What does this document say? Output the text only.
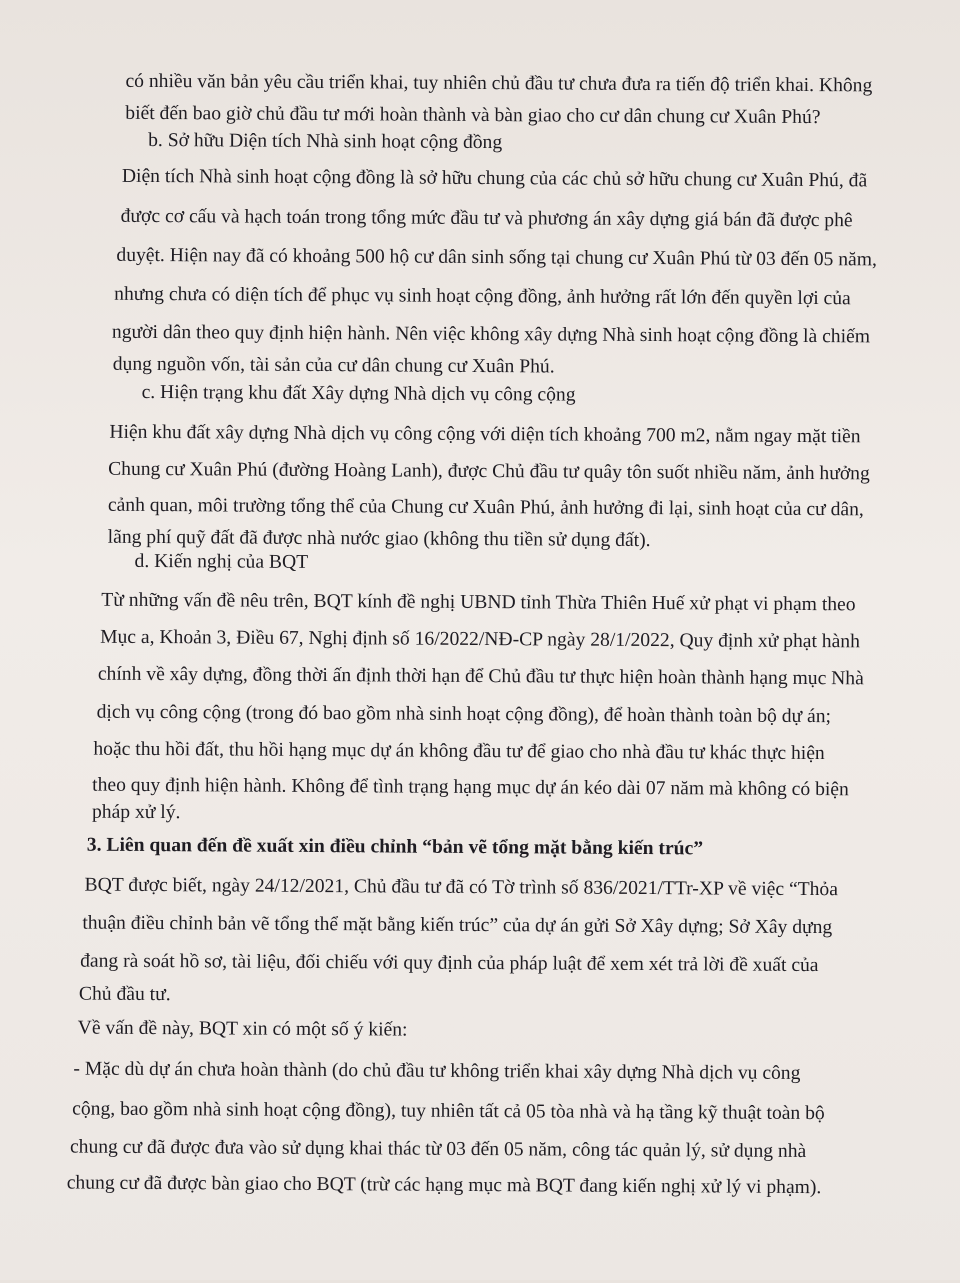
có nhiều văn bản yêu cầu triển khai, tuy nhiên chủ đầu tư chưa đưa ra tiến độ triển khai. Không
biết đến bao giờ chủ đầu tư mới hoàn thành và bàn giao cho cư dân chung cư Xuân Phú?
b. Sở hữu Diện tích Nhà sinh hoạt cộng đồng
Diện tích Nhà sinh hoạt cộng đồng là sở hữu chung của các chủ sở hữu chung cư Xuân Phú, đã
được cơ cấu và hạch toán trong tổng mức đầu tư và phương án xây dựng giá bán đã được phê
duyệt. Hiện nay đã có khoảng 500 hộ cư dân sinh sống tại chung cư Xuân Phú từ 03 đến 05 năm,
nhưng chưa có diện tích để phục vụ sinh hoạt cộng đồng, ảnh hưởng rất lớn đến quyền lợi của
người dân theo quy định hiện hành. Nên việc không xây dựng Nhà sinh hoạt cộng đồng là chiếm
dụng nguồn vốn, tài sản của cư dân chung cư Xuân Phú.
c. Hiện trạng khu đất Xây dựng Nhà dịch vụ công cộng
Hiện khu đất xây dựng Nhà dịch vụ công cộng với diện tích khoảng 700 m2, nằm ngay mặt tiền
Chung cư Xuân Phú (đường Hoàng Lanh), được Chủ đầu tư quây tôn suốt nhiều năm, ảnh hưởng
cảnh quan, môi trường tổng thể của Chung cư Xuân Phú, ảnh hưởng đi lại, sinh hoạt của cư dân,
lãng phí quỹ đất đã được nhà nước giao (không thu tiền sử dụng đất).
d. Kiến nghị của BQT
Từ những vấn đề nêu trên, BQT kính đề nghị UBND tỉnh Thừa Thiên Huế xử phạt vi phạm theo
Mục a, Khoản 3, Điều 67, Nghị định số 16/2022/NĐ-CP ngày 28/1/2022, Quy định xử phạt hành
chính về xây dựng, đồng thời ấn định thời hạn để Chủ đầu tư thực hiện hoàn thành hạng mục Nhà
dịch vụ công cộng (trong đó bao gồm nhà sinh hoạt cộng đồng), để hoàn thành toàn bộ dự án;
hoặc thu hồi đất, thu hồi hạng mục dự án không đầu tư để giao cho nhà đầu tư khác thực hiện
theo quy định hiện hành. Không để tình trạng hạng mục dự án kéo dài 07 năm mà không có biện
pháp xử lý.
3. Liên quan đến đề xuất xin điều chỉnh “bản vẽ tổng mặt bằng kiến trúc”
BQT được biết, ngày 24/12/2021, Chủ đầu tư đã có Tờ trình số 836/2021/TTr-XP về việc “Thỏa
thuận điều chỉnh bản vẽ tổng thể mặt bằng kiến trúc” của dự án gửi Sở Xây dựng; Sở Xây dựng
đang rà soát hồ sơ, tài liệu, đối chiếu với quy định của pháp luật để xem xét trả lời đề xuất của
Chủ đầu tư.
Về vấn đề này, BQT xin có một số ý kiến:
- Mặc dù dự án chưa hoàn thành (do chủ đầu tư không triển khai xây dựng Nhà dịch vụ công
cộng, bao gồm nhà sinh hoạt cộng đồng), tuy nhiên tất cả 05 tòa nhà và hạ tầng kỹ thuật toàn bộ
chung cư đã được đưa vào sử dụng khai thác từ 03 đến 05 năm, công tác quản lý, sử dụng nhà
chung cư đã được bàn giao cho BQT (trừ các hạng mục mà BQT đang kiến nghị xử lý vi phạm).
